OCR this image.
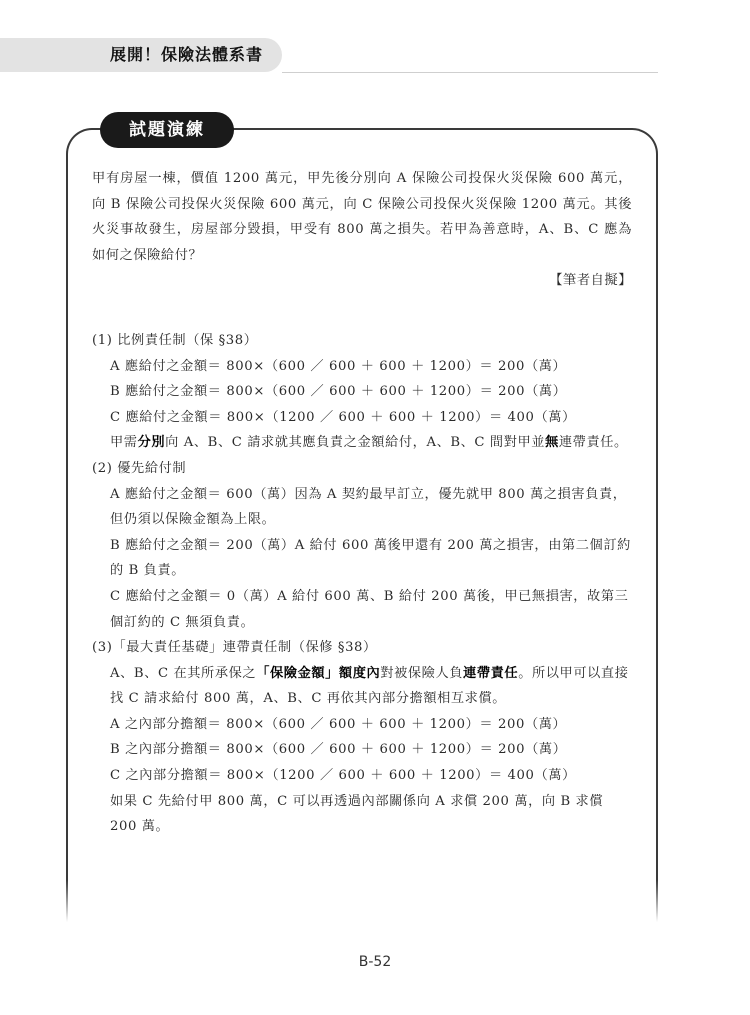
展開！保險法體系書
試題演練

甲有房屋一棟，價值 1200 萬元，甲先後分別向 A 保險公司投保火災保險 600 萬元，向 B 保險公司投保火災保險 600 萬元，向 C 保險公司投保火災保險 1200 萬元。其後火災事故發生，房屋部分毀損，甲受有 800 萬之損失。若甲為善意時，A、B、C 應為如何之保險給付？

【筆者自擬】

(1) 比例責任制（保 §38）

A 應給付之金額＝ 800×（600 ／ 600 ＋ 600 ＋ 1200）＝ 200（萬）

B 應給付之金額＝ 800×（600 ／ 600 ＋ 600 ＋ 1200）＝ 200（萬）

C 應給付之金額＝ 800×（1200 ／ 600 ＋ 600 ＋ 1200）＝ 400（萬）

甲需分別向 A、B、C 請求就其應負責之金額給付，A、B、C 間對甲並無連帶責任。

(2) 優先給付制

A 應給付之金額＝ 600（萬）因為 A 契約最早訂立，優先就甲 800 萬之損害負責，但仍須以保險金額為上限。

B 應給付之金額＝ 200（萬）A 給付 600 萬後甲還有 200 萬之損害，由第二個訂約的 B 負責。

C 應給付之金額＝ 0（萬）A 給付 600 萬、B 給付 200 萬後，甲已無損害，故第三個訂約的 C 無須負責。

(3)「最大責任基礎」連帶責任制（保修 §38）

A、B、C 在其所承保之「保險金額」額度內對被保險人負連帶責任。所以甲可以直接找 C 請求給付 800 萬，A、B、C 再依其內部分擔額相互求償。

A 之內部分擔額＝ 800×（600 ／ 600 ＋ 600 ＋ 1200）＝ 200（萬）

B 之內部分擔額＝ 800×（600 ／ 600 ＋ 600 ＋ 1200）＝ 200（萬）

C 之內部分擔額＝ 800×（1200 ／ 600 ＋ 600 ＋ 1200）＝ 400（萬）

如果 C 先給付甲 800 萬，C 可以再透過內部關係向 A 求償 200 萬，向 B 求償 200 萬。

B-52
